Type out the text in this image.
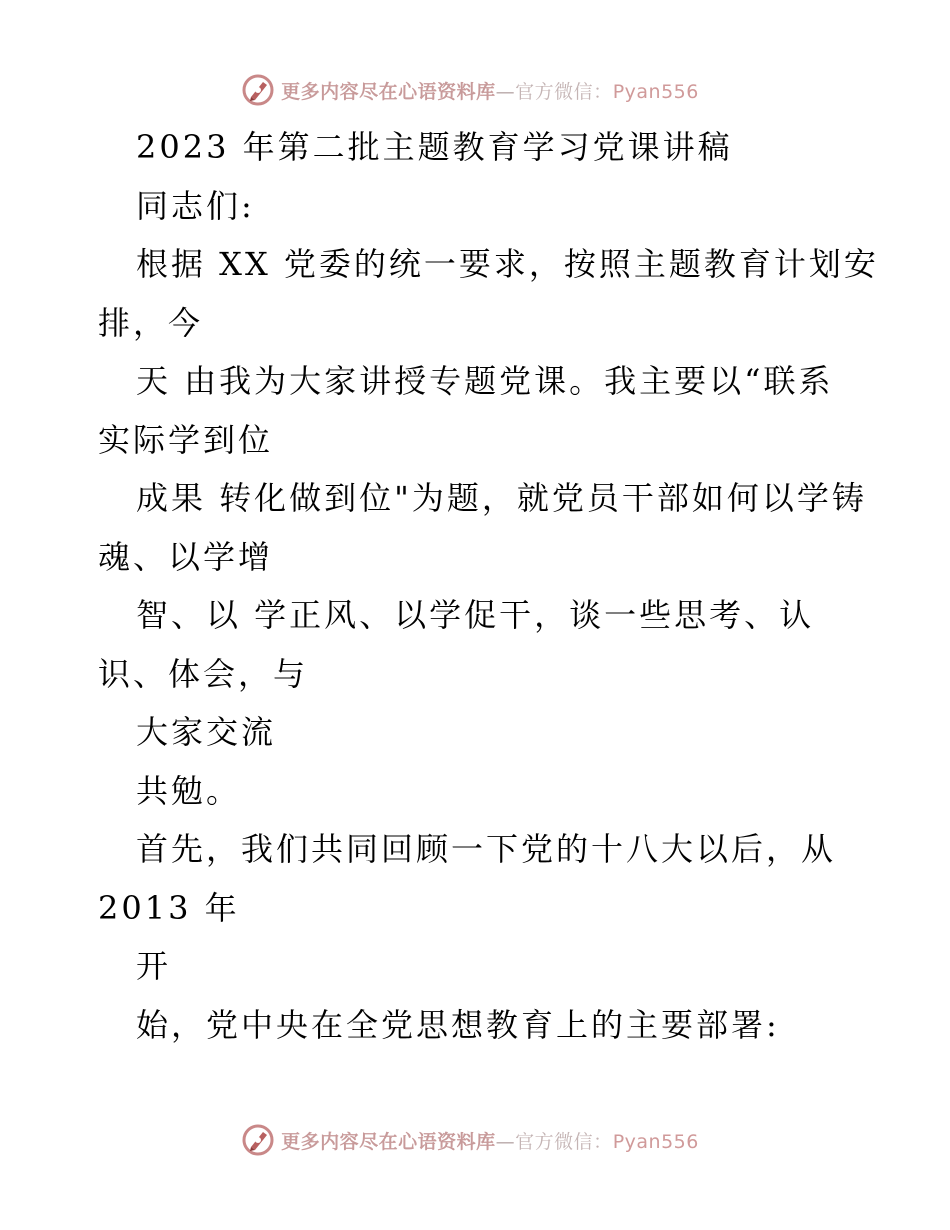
更多内容尽在心语资料库—官方微信：Pyan556
2023 年第二批主题教育学习党课讲稿
同志们:
根据 XX 党委的统一要求，按照主题教育计划安
排，今
天 由我为大家讲授专题党课。我主要以“联系
实际学到位
成果 转化做到位"为题，就党员干部如何以学铸
魂、以学增
智、以 学正风、以学促干，谈一些思考、认
识、体会，与
大家交流
共勉。
首先，我们共同回顾一下党的十八大以后，从
2013 年
开
始，党中央在全党思想教育上的主要部署:
更多内容尽在心语资料库—官方微信：Pyan556
